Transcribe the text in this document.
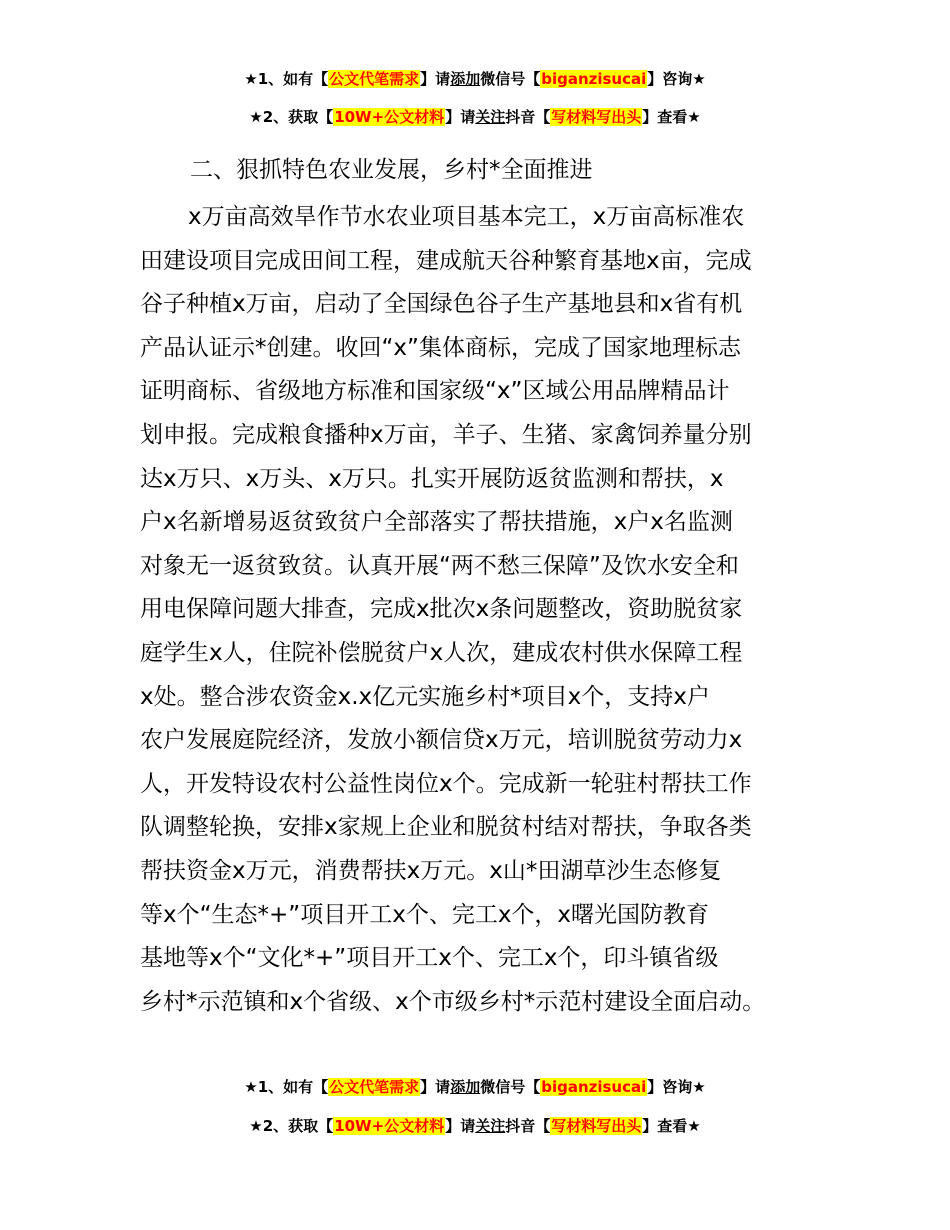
★1、如有【公文代笔需求】请添加微信号【biganzisucai】咨询★
★2、获取【10W+公文材料】请关注抖音【写材料写出头】查看★
二、狠抓特色农业发展，乡村*全面推进
x万亩高效旱作节水农业项目基本完工，x万亩高标准农
田建设项目完成田间工程，建成航天谷种繁育基地x亩，完成
谷子种植x万亩，启动了全国绿色谷子生产基地县和x省有机
产品认证示*创建。收回“x”集体商标，完成了国家地理标志
证明商标、省级地方标准和国家级“x”区域公用品牌精品计
划申报。完成粮食播种x万亩，羊子、生猪、家禽饲养量分别
达x万只、x万头、x万只。扎实开展防返贫监测和帮扶，x
户x名新增易返贫致贫户全部落实了帮扶措施，x户x名监测
对象无一返贫致贫。认真开展“两不愁三保障”及饮水安全和
用电保障问题大排查，完成x批次x条问题整改，资助脱贫家
庭学生x人，住院补偿脱贫户x人次，建成农村供水保障工程
x处。整合涉农资金x.x亿元实施乡村*项目x个，支持x户
农户发展庭院经济，发放小额信贷x万元，培训脱贫劳动力x
人，开发特设农村公益性岗位x个。完成新一轮驻村帮扶工作
队调整轮换，安排x家规上企业和脱贫村结对帮扶，争取各类
帮扶资金x万元，消费帮扶x万元。x山*田湖草沙生态修复
等x个“生态*+”项目开工x个、完工x个，x曙光国防教育
基地等x个“文化*+”项目开工x个、完工x个，印斗镇省级
乡村*示范镇和x个省级、x个市级乡村*示范村建设全面启动。
★1、如有【公文代笔需求】请添加微信号【biganzisucai】咨询★
★2、获取【10W+公文材料】请关注抖音【写材料写出头】查看★
